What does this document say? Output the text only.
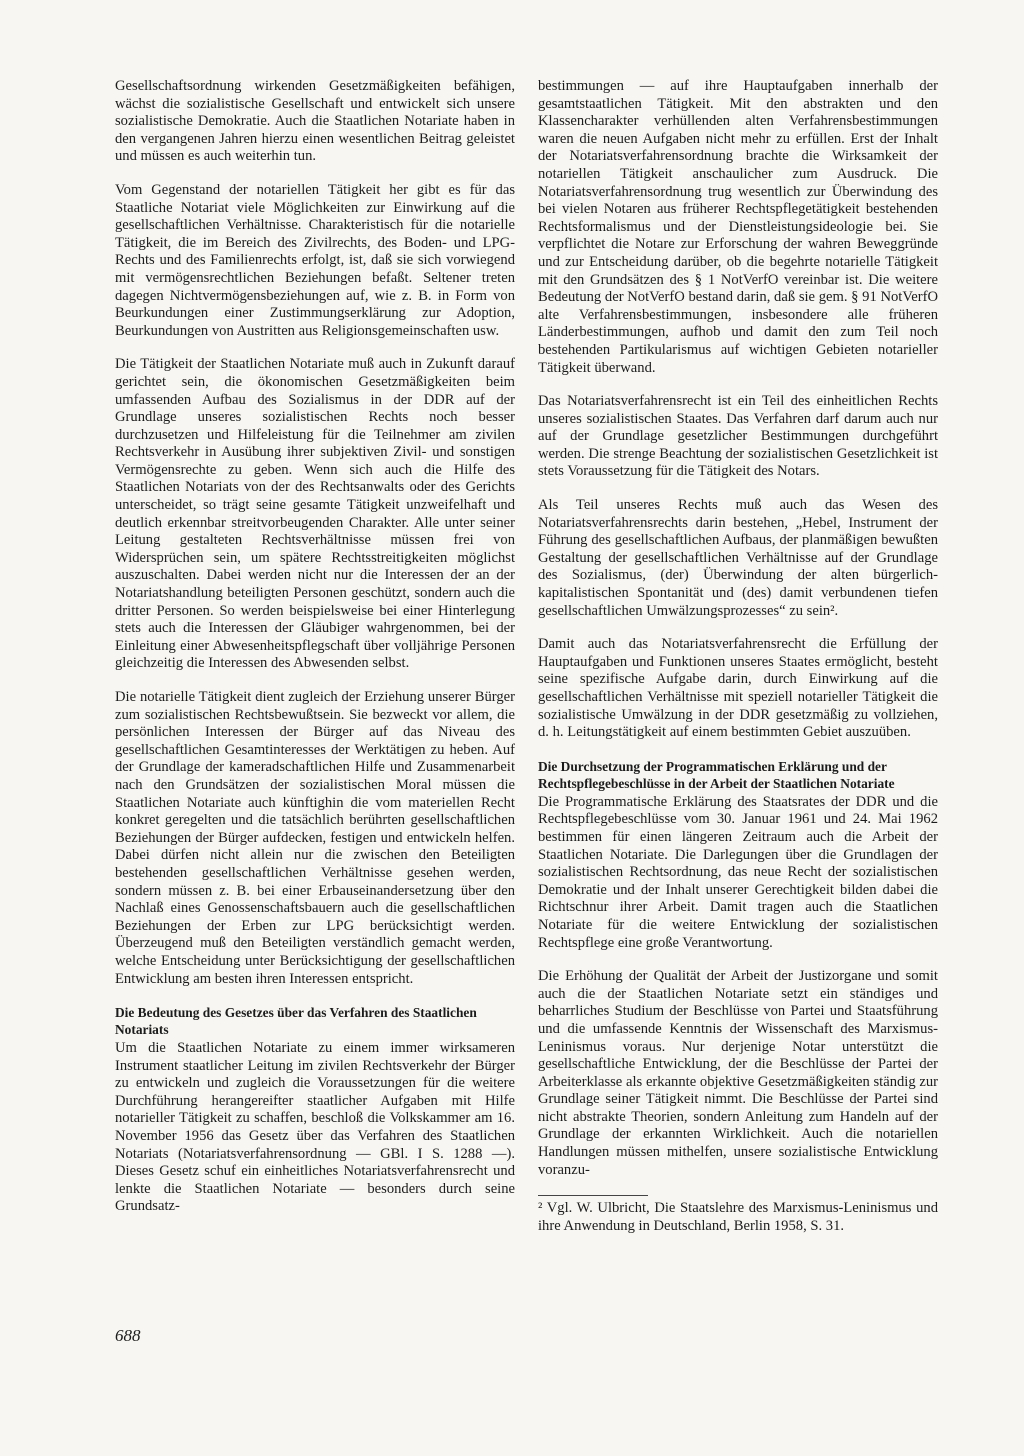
Gesellschaftsordnung wirkenden Gesetzmäßigkeiten befähigen, wächst die sozialistische Gesellschaft und entwickelt sich unsere sozialistische Demokratie. Auch die Staatlichen Notariate haben in den vergangenen Jahren hierzu einen wesentlichen Beitrag geleistet und müssen es auch weiterhin tun.

Vom Gegenstand der notariellen Tätigkeit her gibt es für das Staatliche Notariat viele Möglichkeiten zur Einwirkung auf die gesellschaftlichen Verhältnisse. Charakteristisch für die notarielle Tätigkeit, die im Bereich des Zivilrechts, des Boden- und LPG-Rechts und des Familienrechts erfolgt, ist, daß sie sich vorwiegend mit vermögensrechtlichen Beziehungen befaßt. Seltener treten dagegen Nichtvermögensbeziehungen auf, wie z. B. in Form von Beurkundungen einer Zustimmungserklärung zur Adoption, Beurkundungen von Austritten aus Religionsgemeinschaften usw.

Die Tätigkeit der Staatlichen Notariate muß auch in Zukunft darauf gerichtet sein, die ökonomischen Gesetzmäßigkeiten beim umfassenden Aufbau des Sozialismus in der DDR auf der Grundlage unseres sozialistischen Rechts noch besser durchzusetzen und Hilfeleistung für die Teilnehmer am zivilen Rechtsverkehr in Ausübung ihrer subjektiven Zivil- und sonstigen Vermögensrechte zu geben. Wenn sich auch die Hilfe des Staatlichen Notariats von der des Rechtsanwalts oder des Gerichts unterscheidet, so trägt seine gesamte Tätigkeit unzweifelhaft und deutlich erkennbar streitvorbeugenden Charakter. Alle unter seiner Leitung gestalteten Rechtsverhältnisse müssen frei von Widersprüchen sein, um spätere Rechtsstreitigkeiten möglichst auszuschalten. Dabei werden nicht nur die Interessen der an der Notariatshandlung beteiligten Personen geschützt, sondern auch die dritter Personen. So werden beispielsweise bei einer Hinterlegung stets auch die Interessen der Gläubiger wahrgenommen, bei der Einleitung einer Abwesenheitspflegschaft über volljährige Personen gleichzeitig die Interessen des Abwesenden selbst.

Die notarielle Tätigkeit dient zugleich der Erziehung unserer Bürger zum sozialistischen Rechtsbewußtsein. Sie bezweckt vor allem, die persönlichen Interessen der Bürger auf das Niveau des gesellschaftlichen Gesamtinteresses der Werktätigen zu heben. Auf der Grundlage der kameradschaftlichen Hilfe und Zusammenarbeit nach den Grundsätzen der sozialistischen Moral müssen die Staatlichen Notariate auch künftighin die vom materiellen Recht konkret geregelten und die tatsächlich berührten gesellschaftlichen Beziehungen der Bürger aufdecken, festigen und entwickeln helfen. Dabei dürfen nicht allein nur die zwischen den Beteiligten bestehenden gesellschaftlichen Verhältnisse gesehen werden, sondern müssen z. B. bei einer Erbauseinandersetzung über den Nachlaß eines Genossenschaftsbauern auch die gesellschaftlichen Beziehungen der Erben zur LPG berücksichtigt werden. Überzeugend muß den Beteiligten verständlich gemacht werden, welche Entscheidung unter Berücksichtigung der gesellschaftlichen Entwicklung am besten ihren Interessen entspricht.

Die Bedeutung des Gesetzes über das Verfahren des Staatlichen Notariats

Um die Staatlichen Notariate zu einem immer wirksameren Instrument staatlicher Leitung im zivilen Rechtsverkehr der Bürger zu entwickeln und zugleich die Voraussetzungen für die weitere Durchführung herangereifter staatlicher Aufgaben mit Hilfe notarieller Tätigkeit zu schaffen, beschloß die Volkskammer am 16. November 1956 das Gesetz über das Verfahren des Staatlichen Notariats (Notariatsverfahrensordnung — GBl. I S. 1288 —). Dieses Gesetz schuf ein einheitliches Notariatsverfahrensrecht und lenkte die Staatlichen Notariate — besonders durch seine Grundsatz-

bestimmungen — auf ihre Hauptaufgaben innerhalb der gesamtstaatlichen Tätigkeit. Mit den abstrakten und den Klassencharakter verhüllenden alten Verfahrensbestimmungen waren die neuen Aufgaben nicht mehr zu erfüllen. Erst der Inhalt der Notariatsverfahrensordnung brachte die Wirksamkeit der notariellen Tätigkeit anschaulicher zum Ausdruck. Die Notariatsverfahrensordnung trug wesentlich zur Überwindung des bei vielen Notaren aus früherer Rechtspflegetätigkeit bestehenden Rechtsformalismus und der Dienstleistungsideologie bei. Sie verpflichtet die Notare zur Erforschung der wahren Beweggründe und zur Entscheidung darüber, ob die begehrte notarielle Tätigkeit mit den Grundsätzen des § 1 NotVerfO vereinbar ist. Die weitere Bedeutung der NotVerfO bestand darin, daß sie gem. § 91 NotVerfO alte Verfahrensbestimmungen, insbesondere alle früheren Länderbestimmungen, aufhob und damit den zum Teil noch bestehenden Partikularismus auf wichtigen Gebieten notarieller Tätigkeit überwand.

Das Notariatsverfahrensrecht ist ein Teil des einheitlichen Rechts unseres sozialistischen Staates. Das Verfahren darf darum auch nur auf der Grundlage gesetzlicher Bestimmungen durchgeführt werden. Die strenge Beachtung der sozialistischen Gesetzlichkeit ist stets Voraussetzung für die Tätigkeit des Notars.

Als Teil unseres Rechts muß auch das Wesen des Notariatsverfahrensrechts darin bestehen, „Hebel, Instrument der Führung des gesellschaftlichen Aufbaus, der planmäßigen bewußten Gestaltung der gesellschaftlichen Verhältnisse auf der Grundlage des Sozialismus, (der) Überwindung der alten bürgerlich-kapitalistischen Spontanität und (des) damit verbundenen tiefen gesellschaftlichen Umwälzungsprozesses“ zu sein².

Damit auch das Notariatsverfahrensrecht die Erfüllung der Hauptaufgaben und Funktionen unseres Staates ermöglicht, besteht seine spezifische Aufgabe darin, durch Einwirkung auf die gesellschaftlichen Verhältnisse mit speziell notarieller Tätigkeit die sozialistische Umwälzung in der DDR gesetzmäßig zu vollziehen, d. h. Leitungstätigkeit auf einem bestimmten Gebiet auszuüben.

Die Durchsetzung der Programmatischen Erklärung und der Rechtspflegebeschlüsse in der Arbeit der Staatlichen Notariate

Die Programmatische Erklärung des Staatsrates der DDR und die Rechtspflegebeschlüsse vom 30. Januar 1961 und 24. Mai 1962 bestimmen für einen längeren Zeitraum auch die Arbeit der Staatlichen Notariate. Die Darlegungen über die Grundlagen der sozialistischen Rechtsordnung, das neue Recht der sozialistischen Demokratie und der Inhalt unserer Gerechtigkeit bilden dabei die Richtschnur ihrer Arbeit. Damit tragen auch die Staatlichen Notariate für die weitere Entwicklung der sozialistischen Rechtspflege eine große Verantwortung.

Die Erhöhung der Qualität der Arbeit der Justizorgane und somit auch die der Staatlichen Notariate setzt ein ständiges und beharrliches Studium der Beschlüsse von Partei und Staatsführung und die umfassende Kenntnis der Wissenschaft des Marxismus-Leninismus voraus. Nur derjenige Notar unterstützt die gesellschaftliche Entwicklung, der die Beschlüsse der Partei der Arbeiterklasse als erkannte objektive Gesetzmäßigkeiten ständig zur Grundlage seiner Tätigkeit nimmt. Die Beschlüsse der Partei sind nicht abstrakte Theorien, sondern Anleitung zum Handeln auf der Grundlage der erkannten Wirklichkeit. Auch die notariellen Handlungen müssen mithelfen, unsere sozialistische Entwicklung voranzu-

² Vgl. W. Ulbricht, Die Staatslehre des Marxismus-Leninismus und ihre Anwendung in Deutschland, Berlin 1958, S. 31.

688
